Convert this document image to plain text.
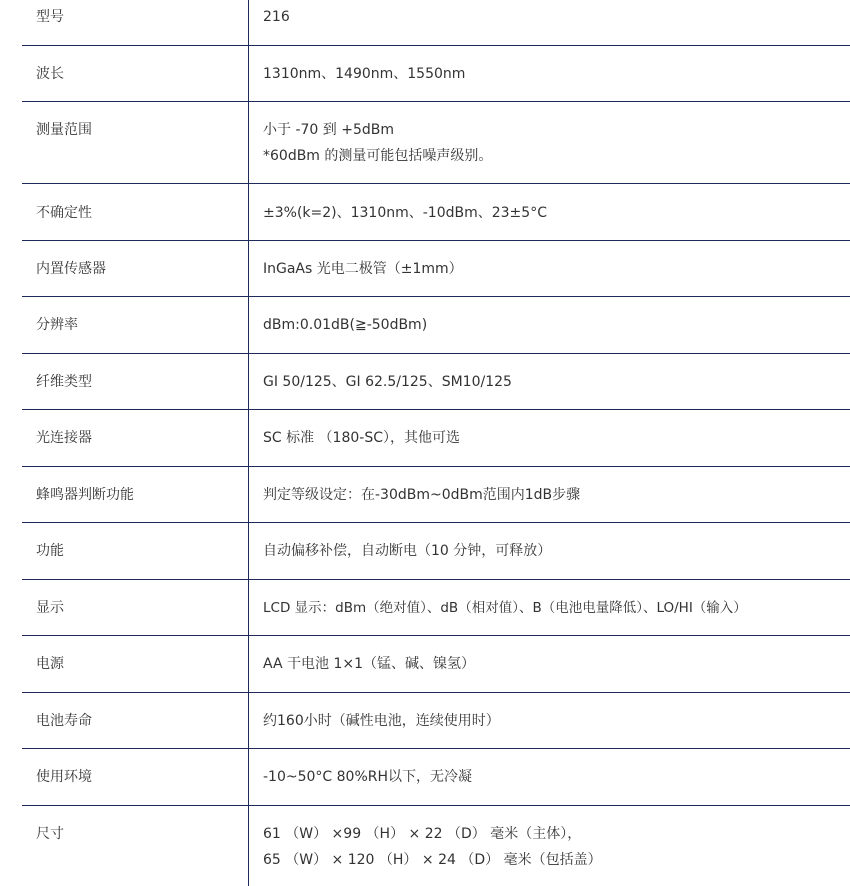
型号	216
波长	1310nm、1490nm、1550nm
测量范围	小于 -70 到 +5dBm
*60dBm 的测量可能包括噪声级别。
不确定性	±3%(k=2)、1310nm、-10dBm、23±5°C
内置传感器	InGaAs 光电二极管（±1mm）
分辨率	dBm:0.01dB(≧-50dBm)
纤维类型	GI 50/125、GI 62.5/125、SM10/125
光连接器	SC 标准 （180-SC），其他可选
蜂鸣器判断功能	判定等级设定：在-30dBm~0dBm范围内1dB步骤
功能	自动偏移补偿，自动断电（10 分钟，可释放）
显示	LCD 显示：dBm（绝对值）、dB（相对值）、B（电池电量降低）、LO/HI（输入）
电源	AA 干电池 1×1（锰、碱、镍氢）
电池寿命	约160小时（碱性电池，连续使用时）
使用环境	-10~50°C 80%RH以下，无冷凝
尺寸	61 （W） ×99 （H） × 22 （D） 毫米（主体），
65 （W） × 120 （H） × 24 （D） 毫米（包括盖）
